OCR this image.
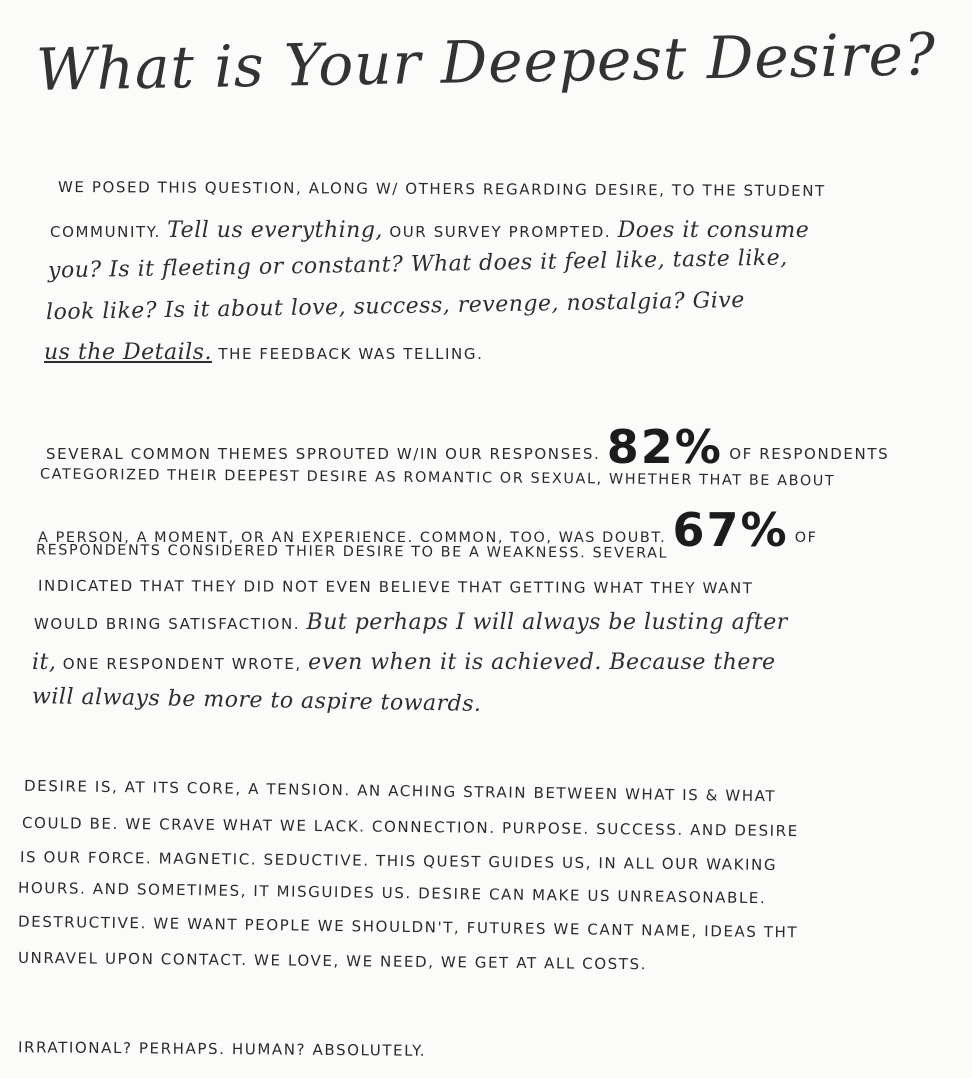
What is Your Deepest Desire?
WE POSED THIS QUESTION, ALONG W/ OTHERS REGARDING DESIRE, TO THE STUDENT
COMMUNITY. Tell us everything, OUR SURVEY PROMPTED. Does it consume
you? Is it fleeting or constant? What does it feel like, taste like,
look like? Is it about love, success, revenge, nostalgia? Give
us the Details. THE FEEDBACK WAS TELLING.
SEVERAL COMMON THEMES SPROUTED W/IN OUR RESPONSES. 82% OF RESPONDENTS
CATEGORIZED THEIR DEEPEST DESIRE AS ROMANTIC OR SEXUAL, WHETHER THAT BE ABOUT
A PERSON, A MOMENT, OR AN EXPERIENCE. COMMON, TOO, WAS DOUBT. 67% OF
RESPONDENTS CONSIDERED THIER DESIRE TO BE A WEAKNESS. SEVERAL
INDICATED THAT THEY DID NOT EVEN BELIEVE THAT GETTING WHAT THEY WANT
WOULD BRING SATISFACTION. But perhaps I will always be lusting after
it, ONE RESPONDENT WROTE, even when it is achieved. Because there
will always be more to aspire towards.
DESIRE IS, AT ITS CORE, A TENSION. AN ACHING STRAIN BETWEEN WHAT IS & WHAT
COULD BE. WE CRAVE WHAT WE LACK. CONNECTION. PURPOSE. SUCCESS. AND DESIRE
IS OUR FORCE. MAGNETIC. SEDUCTIVE. THIS QUEST GUIDES US, IN ALL OUR WAKING
HOURS. AND SOMETIMES, IT MISGUIDES US. DESIRE CAN MAKE US UNREASONABLE.
DESTRUCTIVE. WE WANT PEOPLE WE SHOULDN'T, FUTURES WE CANT NAME, IDEAS THT
UNRAVEL UPON CONTACT. WE LOVE, WE NEED, WE GET AT ALL COSTS.
IRRATIONAL? PERHAPS. HUMAN? ABSOLUTELY.
